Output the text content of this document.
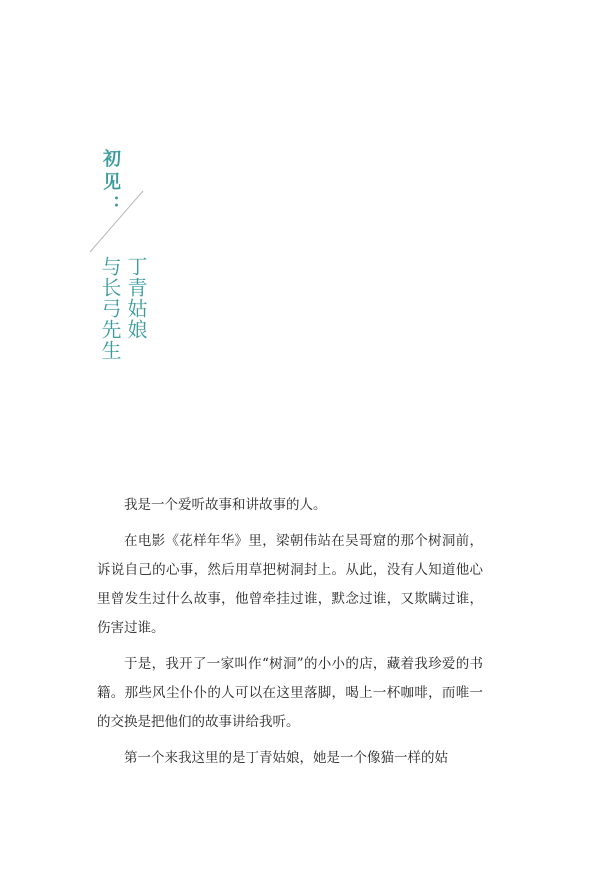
初见：
丁青姑娘
与长弓先生

我是一个爱听故事和讲故事的人。

在电影《花样年华》里，梁朝伟站在吴哥窟的那个树洞前，诉说自己的心事，然后用草把树洞封上。从此，没有人知道他心里曾发生过什么故事，他曾牵挂过谁，默念过谁，又欺瞒过谁，伤害过谁。

于是，我开了一家叫作“树洞”的小小的店，藏着我珍爱的书籍。那些风尘仆仆的人可以在这里落脚，喝上一杯咖啡，而唯一的交换是把他们的故事讲给我听。

第一个来我这里的是丁青姑娘，她是一个像猫一样的姑
